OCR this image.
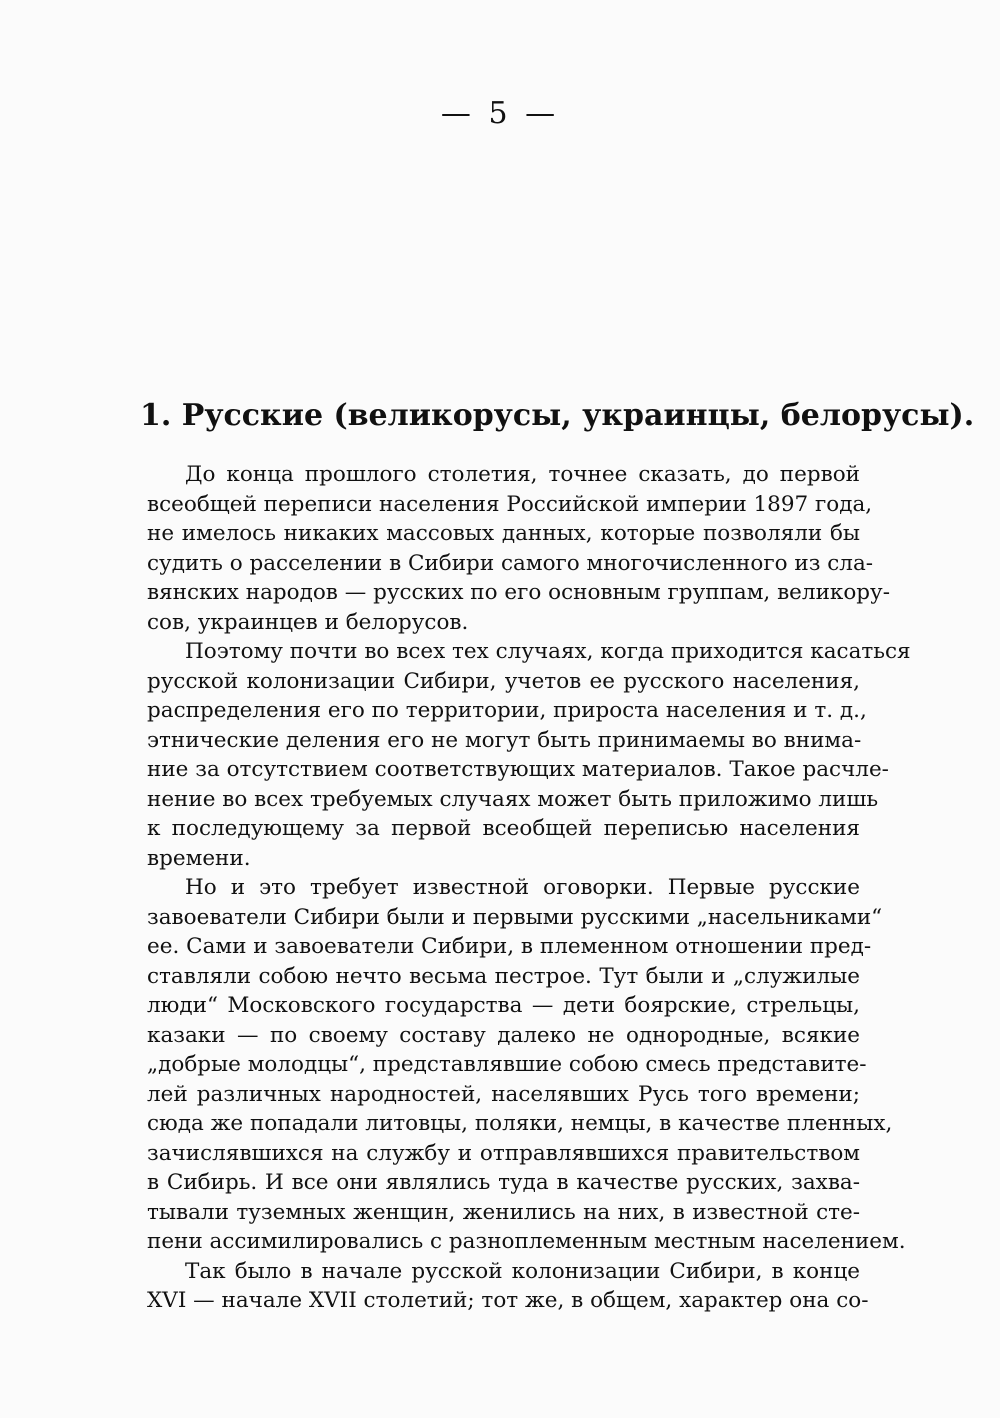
— 5 —
1. Русские (великорусы, украинцы, белорусы).
До конца прошлого столетия, точнее сказать, до первой
всеобщей переписи населения Российской империи 1897 года,
не имелось никаких массовых данных, которые позволяли бы
судить о расселении в Сибири самого многочисленного из сла-
вянских народов — русских по его основным группам, великору-
сов, украинцев и белорусов.
Поэтому почти во всех тех случаях, когда приходится касаться
русской колонизации Сибири, учетов ее русского населения,
распределения его по территории, прироста населения и т. д.,
этнические деления его не могут быть принимаемы во внима-
ние за отсутствием соответствующих материалов. Такое расчле-
нение во всех требуемых случаях может быть приложимо лишь
к последующему за первой всеобщей переписью населения
времени.
Но и это требует известной оговорки. Первые русские
завоеватели Сибири были и первыми русскими „насельниками“
ее. Сами и завоеватели Сибири, в племенном отношении пред-
ставляли собою нечто весьма пестрое. Тут были и „служилые
люди“ Московского государства — дети боярские, стрельцы,
казаки — по своему составу далеко не однородные, всякие
„добрые молодцы“, представлявшие собою смесь представите-
лей различных народностей, населявших Русь того времени;
сюда же попадали литовцы, поляки, немцы, в качестве пленных,
зачислявшихся на службу и отправлявшихся правительством
в Сибирь. И все они являлись туда в качестве русских, захва-
тывали туземных женщин, женились на них, в известной сте-
пени ассимилировались с разноплеменным местным населением.
Так было в начале русской колонизации Сибири, в конце
XVI — начале XVII столетий; тот же, в общем, характер она со-
